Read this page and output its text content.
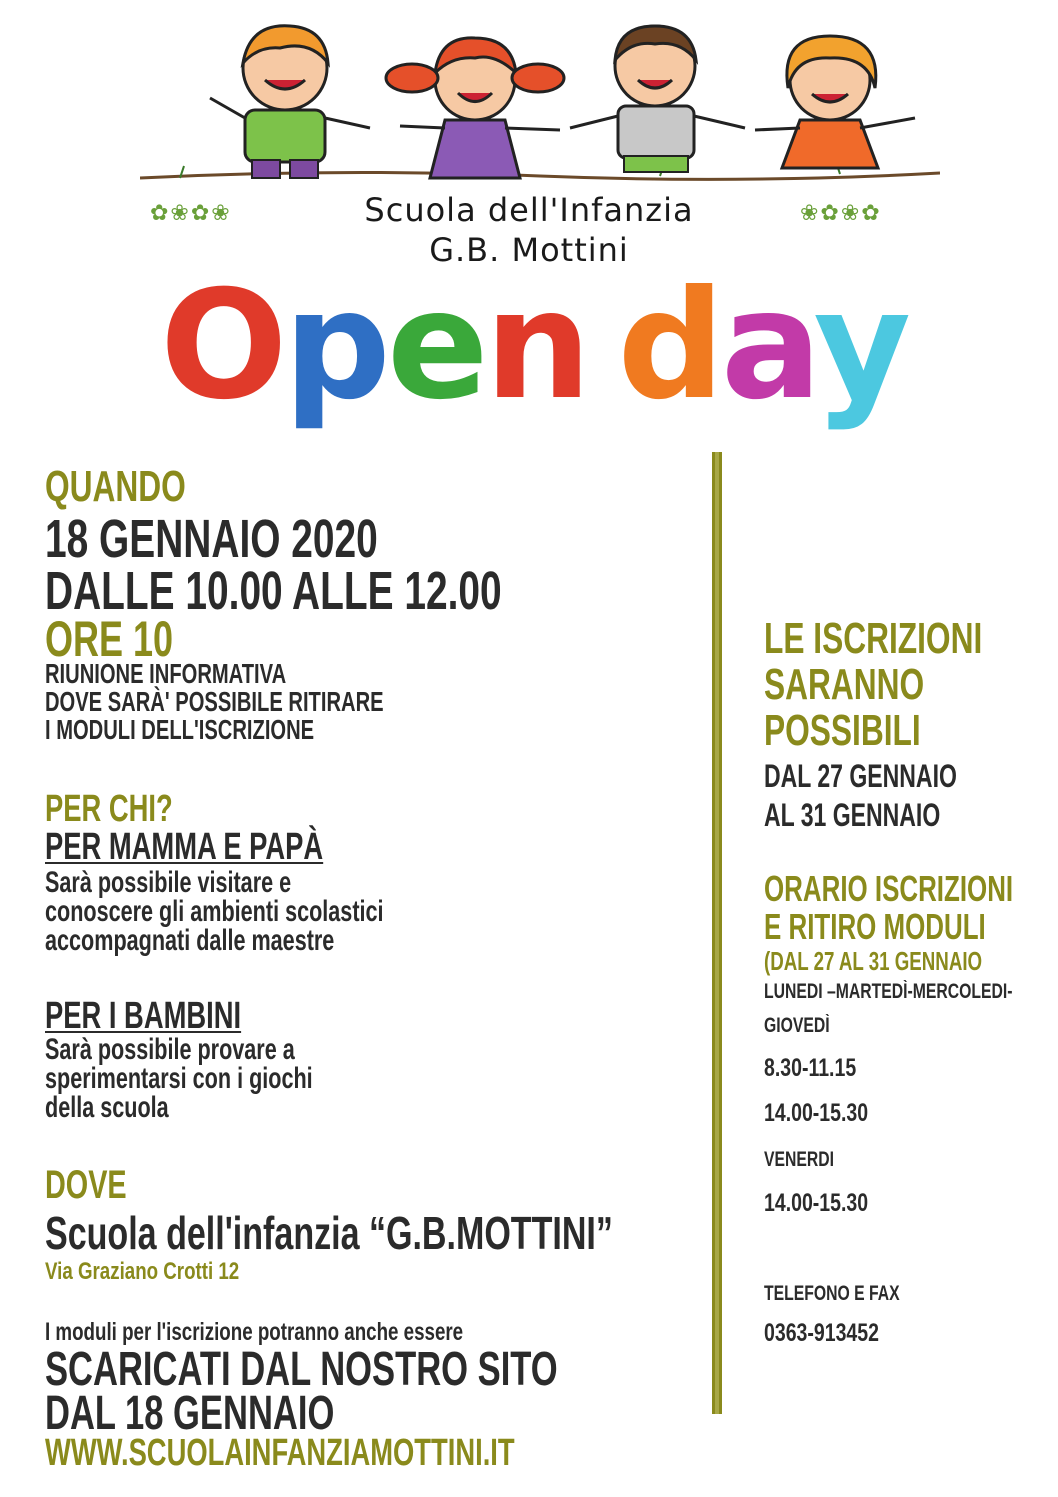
✿❀✿❀	❀✿❀✿
Scuola dell'Infanzia
G.B. Mottini
Open day
QUANDO
18 GENNAIO 2020
DALLE 10.00 ALLE 12.00
ORE 10
RIUNIONE INFORMATIVA
DOVE SARÀ' POSSIBILE RITIRARE
I MODULI DELL'ISCRIZIONE
PER CHI?
PER MAMMA E PAPÀ
Sarà possibile visitare e
conoscere gli ambienti scolastici
accompagnati dalle maestre
PER I BAMBINI
Sarà possibile provare a
sperimentarsi con i giochi
della scuola
DOVE
Scuola dell'infanzia “G.B.MOTTINI”
Via Graziano Crotti 12
I moduli per l'iscrizione potranno anche essere
SCARICATI DAL NOSTRO SITO
DAL 18 GENNAIO
WWW.SCUOLAINFANZIAMOTTINI.IT
LE ISCRIZIONI
SARANNO
POSSIBILI
DAL 27 GENNAIO
AL 31 GENNAIO
ORARIO ISCRIZIONI
E RITIRO MODULI
(DAL 27 AL 31 GENNAIO
LUNEDI –MARTEDÌ-MERCOLEDI-
GIOVEDÌ
8.30-11.15
14.00-15.30
VENERDI
14.00-15.30
TELEFONO E FAX
0363-913452
